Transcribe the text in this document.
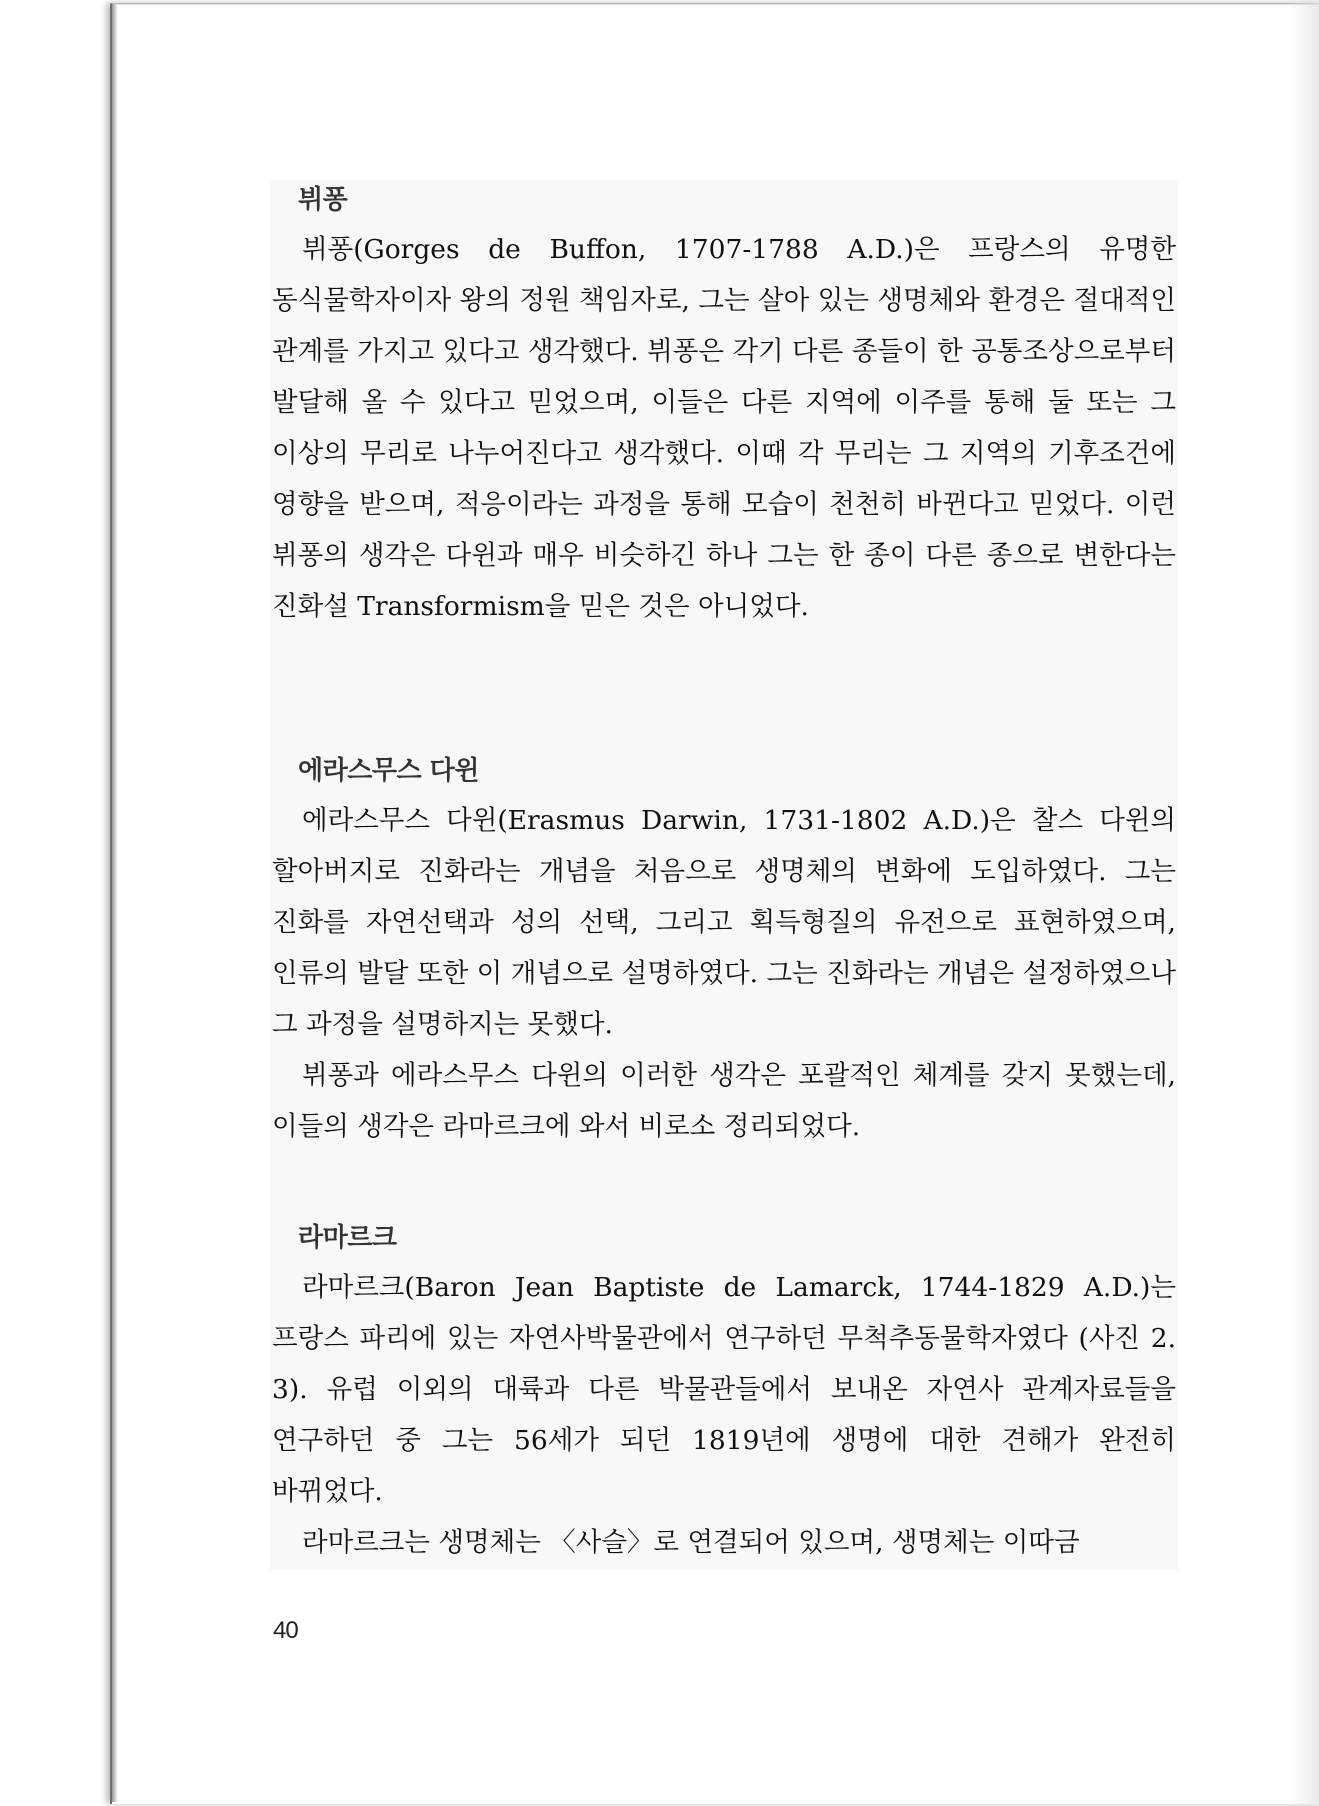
뷔퐁

뷔퐁(Gorges de Buffon, 1707-1788 A.D.)은 프랑스의 유명한 동식물학자이자 왕의 정원 책임자로, 그는 살아 있는 생명체와 환경은 절대적인 관계를 가지고 있다고 생각했다. 뷔퐁은 각기 다른 종들이 한 공통조상으로부터 발달해 올 수 있다고 믿었으며, 이들은 다른 지역에 이주를 통해 둘 또는 그 이상의 무리로 나누어진다고 생각했다. 이때 각 무리는 그 지역의 기후조건에 영향을 받으며, 적응이라는 과정을 통해 모습이 천천히 바뀐다고 믿었다. 이런 뷔퐁의 생각은 다윈과 매우 비슷하긴 하나 그는 한 종이 다른 종으로 변한다는 진화설 Transformism을 믿은 것은 아니었다.

에라스무스 다윈

에라스무스 다윈(Erasmus Darwin, 1731-1802 A.D.)은 찰스 다윈의 할아버지로 진화라는 개념을 처음으로 생명체의 변화에 도입하였다. 그는 진화를 자연선택과 성의 선택, 그리고 획득형질의 유전으로 표현하였으며, 인류의 발달 또한 이 개념으로 설명하였다. 그는 진화라는 개념은 설정하였으나 그 과정을 설명하지는 못했다.

뷔퐁과 에라스무스 다윈의 이러한 생각은 포괄적인 체계를 갖지 못했는데, 이들의 생각은 라마르크에 와서 비로소 정리되었다.

라마르크

라마르크(Baron Jean Baptiste de Lamarck, 1744-1829 A.D.)는 프랑스 파리에 있는 자연사박물관에서 연구하던 무척추동물학자였다 (사진 2. 3). 유럽 이외의 대륙과 다른 박물관들에서 보내온 자연사 관계자료들을 연구하던 중 그는 56세가 되던 1819년에 생명에 대한 견해가 완전히 바뀌었다.

라마르크는 생명체는 〈사슬〉로 연결되어 있으며, 생명체는 이따금

40
